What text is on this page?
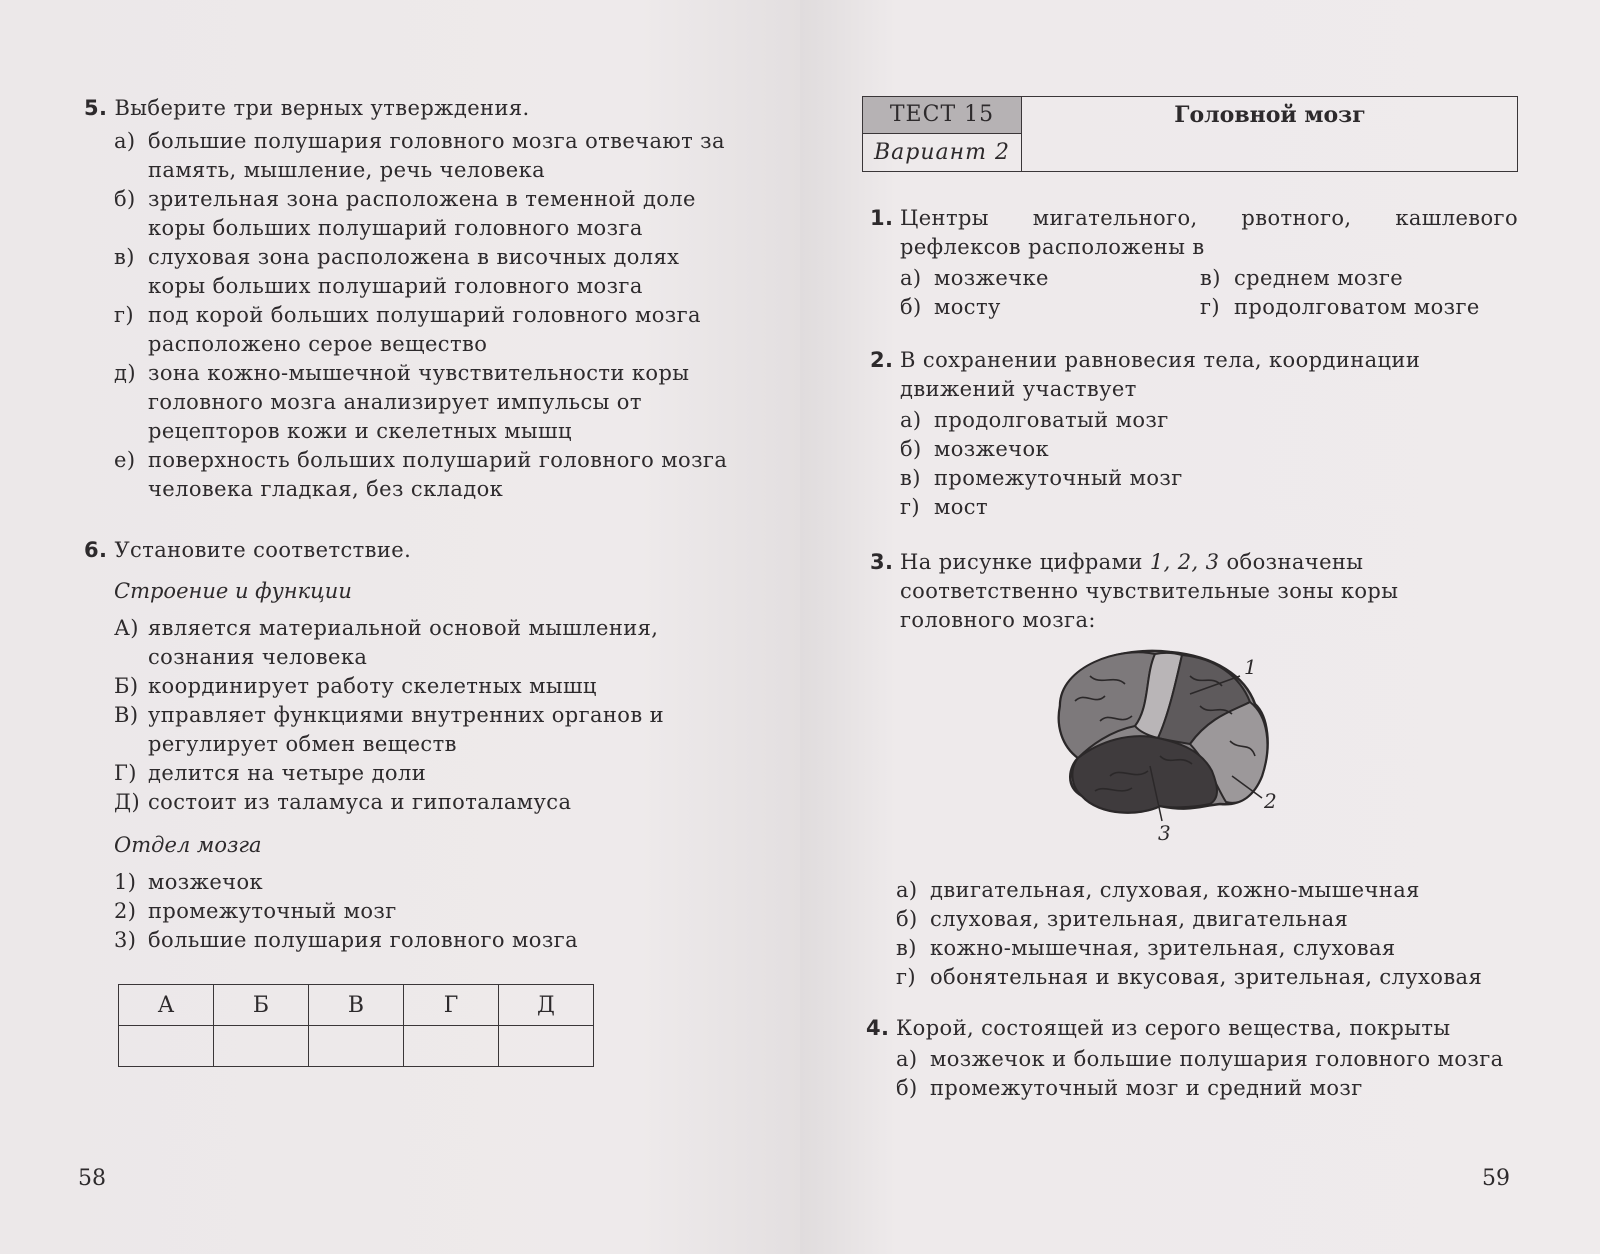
5. Выберите три верных утверждения.
а) большие полушария головного мозга отвечают за память, мышление, речь человека
б) зрительная зона расположена в теменной доле коры больших полушарий головного мозга
в) слуховая зона расположена в височных долях коры больших полушарий головного мозга
г) под корой больших полушарий головного мозга расположено серое вещество
д) зона кожно-мышечной чувствительности коры головного мозга анализирует импульсы от рецепторов кожи и скелетных мышц
е) поверхность больших полушарий головного мозга человека гладкая, без складок
6. Установите соответствие.
Строение и функции
А) является материальной основой мышления, сознания человека
Б) координирует работу скелетных мышц
В) управляет функциями внутренних органов и регулирует обмен веществ
Г) делится на четыре доли
Д) состоит из таламуса и гипоталамуса
Отдел мозга
1) мозжечок
2) промежуточный мозг
3) большие полушария головного мозга
А	Б	В	Г	Д

58
ТЕСТ 15
Вариант 2
Головной мозг
1. Центры мигательного, рвотного, кашлевого рефлексов расположены в
а) мозжечке	в) среднем мозге
б) мосту	г) продолговатом мозге
2. В сохранении равновесия тела, координации движений участвует
а) продолговатый мозг
б) мозжечок
в) промежуточный мозг
г) мост
3. На рисунке цифрами 1, 2, 3 обозначены соответственно чувствительные зоны коры головного мозга:
1
2
3
а) двигательная, слуховая, кожно-мышечная
б) слуховая, зрительная, двигательная
в) кожно-мышечная, зрительная, слуховая
г) обонятельная и вкусовая, зрительная, слуховая
4. Корой, состоящей из серого вещества, покрыты
а) мозжечок и большие полушария головного мозга
б) промежуточный мозг и средний мозг
59
